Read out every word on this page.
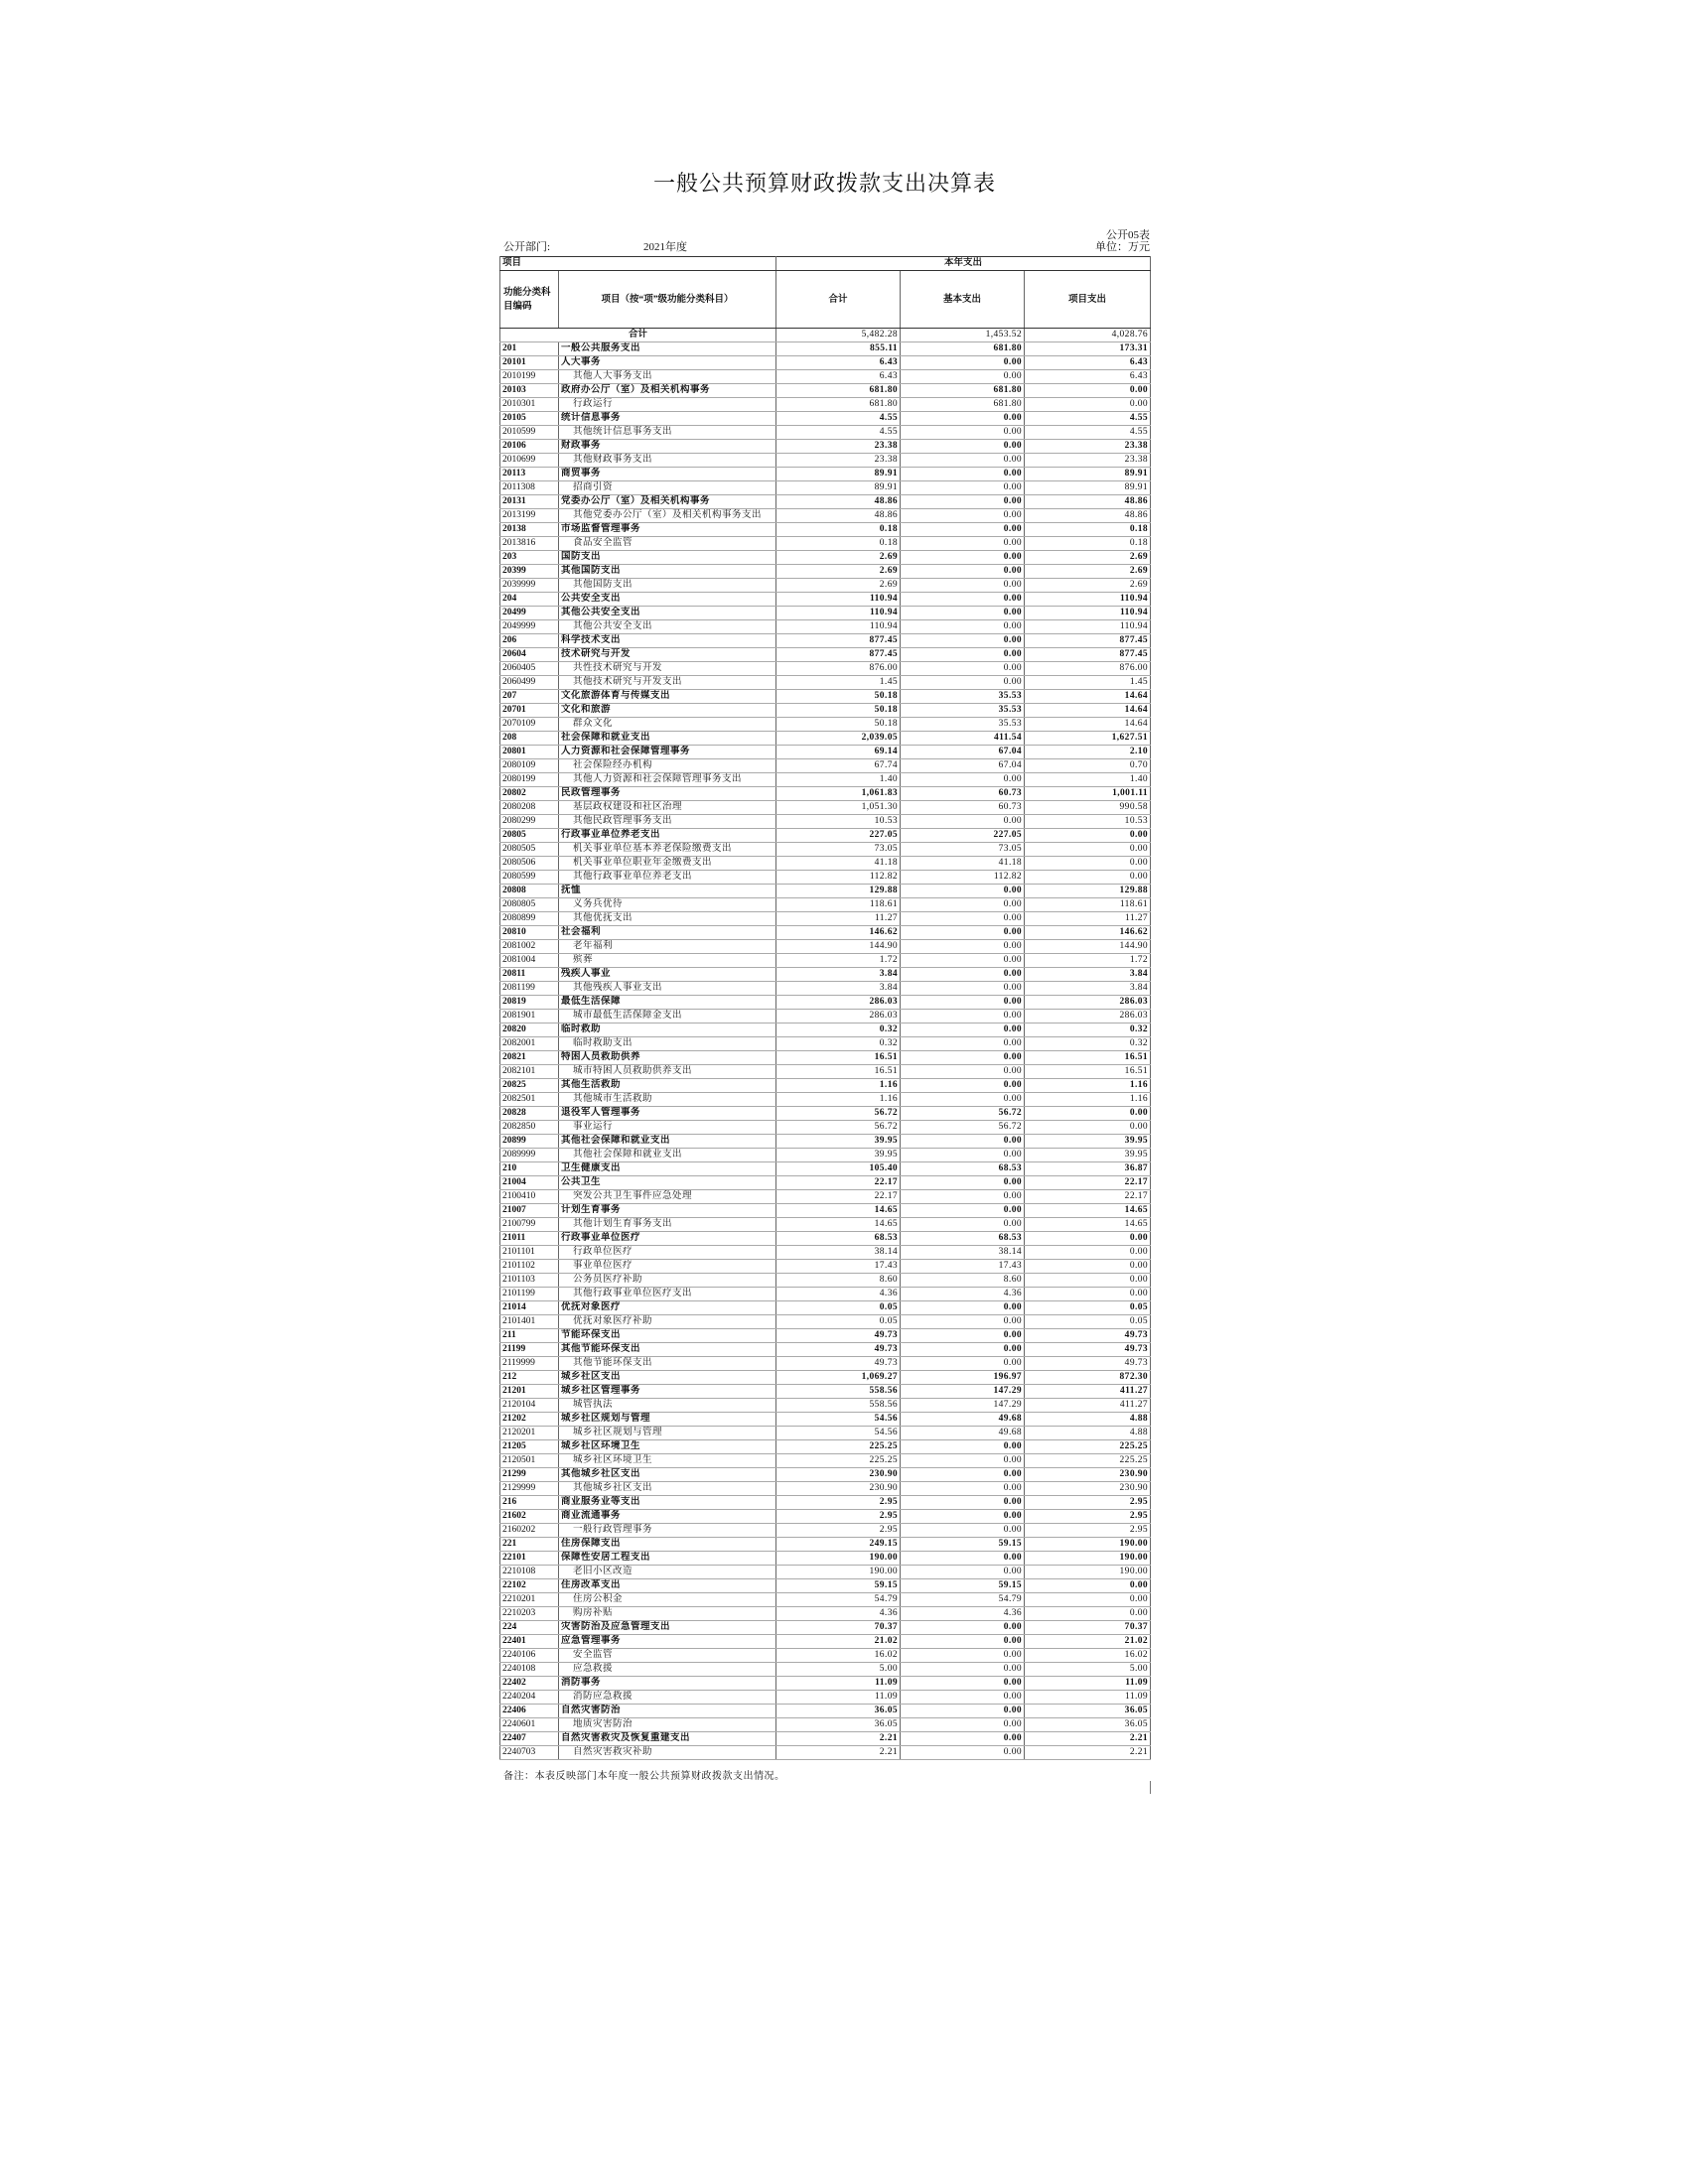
一般公共预算财政拨款支出决算表
公开05表
公开部门:	2021年度	单位：万元
项目		本年支出		
功能分类科目编码	项目（按“项”级功能分类科目）	合计	基本支出	项目支出
合计		5,482.28	1,453.52	4,028.76
201	一般公共服务支出	855.11	681.80	173.31
20101	人大事务	6.43	0.00	6.43
2010199	其他人大事务支出	6.43	0.00	6.43
20103	政府办公厅（室）及相关机构事务	681.80	681.80	0.00
2010301	行政运行	681.80	681.80	0.00
20105	统计信息事务	4.55	0.00	4.55
2010599	其他统计信息事务支出	4.55	0.00	4.55
20106	财政事务	23.38	0.00	23.38
2010699	其他财政事务支出	23.38	0.00	23.38
20113	商贸事务	89.91	0.00	89.91
2011308	招商引资	89.91	0.00	89.91
20131	党委办公厅（室）及相关机构事务	48.86	0.00	48.86
2013199	其他党委办公厅（室）及相关机构事务支出	48.86	0.00	48.86
20138	市场监督管理事务	0.18	0.00	0.18
2013816	食品安全监管	0.18	0.00	0.18
203	国防支出	2.69	0.00	2.69
20399	其他国防支出	2.69	0.00	2.69
2039999	其他国防支出	2.69	0.00	2.69
204	公共安全支出	110.94	0.00	110.94
20499	其他公共安全支出	110.94	0.00	110.94
2049999	其他公共安全支出	110.94	0.00	110.94
206	科学技术支出	877.45	0.00	877.45
20604	技术研究与开发	877.45	0.00	877.45
2060405	共性技术研究与开发	876.00	0.00	876.00
2060499	其他技术研究与开发支出	1.45	0.00	1.45
207	文化旅游体育与传媒支出	50.18	35.53	14.64
20701	文化和旅游	50.18	35.53	14.64
2070109	群众文化	50.18	35.53	14.64
208	社会保障和就业支出	2,039.05	411.54	1,627.51
20801	人力资源和社会保障管理事务	69.14	67.04	2.10
2080109	社会保险经办机构	67.74	67.04	0.70
2080199	其他人力资源和社会保障管理事务支出	1.40	0.00	1.40
20802	民政管理事务	1,061.83	60.73	1,001.11
2080208	基层政权建设和社区治理	1,051.30	60.73	990.58
2080299	其他民政管理事务支出	10.53	0.00	10.53
20805	行政事业单位养老支出	227.05	227.05	0.00
2080505	机关事业单位基本养老保险缴费支出	73.05	73.05	0.00
2080506	机关事业单位职业年金缴费支出	41.18	41.18	0.00
2080599	其他行政事业单位养老支出	112.82	112.82	0.00
20808	抚恤	129.88	0.00	129.88
2080805	义务兵优待	118.61	0.00	118.61
2080899	其他优抚支出	11.27	0.00	11.27
20810	社会福利	146.62	0.00	146.62
2081002	老年福利	144.90	0.00	144.90
2081004	殡葬	1.72	0.00	1.72
20811	残疾人事业	3.84	0.00	3.84
2081199	其他残疾人事业支出	3.84	0.00	3.84
20819	最低生活保障	286.03	0.00	286.03
2081901	城市最低生活保障金支出	286.03	0.00	286.03
20820	临时救助	0.32	0.00	0.32
2082001	临时救助支出	0.32	0.00	0.32
20821	特困人员救助供养	16.51	0.00	16.51
2082101	城市特困人员救助供养支出	16.51	0.00	16.51
20825	其他生活救助	1.16	0.00	1.16
2082501	其他城市生活救助	1.16	0.00	1.16
20828	退役军人管理事务	56.72	56.72	0.00
2082850	事业运行	56.72	56.72	0.00
20899	其他社会保障和就业支出	39.95	0.00	39.95
2089999	其他社会保障和就业支出	39.95	0.00	39.95
210	卫生健康支出	105.40	68.53	36.87
21004	公共卫生	22.17	0.00	22.17
2100410	突发公共卫生事件应急处理	22.17	0.00	22.17
21007	计划生育事务	14.65	0.00	14.65
2100799	其他计划生育事务支出	14.65	0.00	14.65
21011	行政事业单位医疗	68.53	68.53	0.00
2101101	行政单位医疗	38.14	38.14	0.00
2101102	事业单位医疗	17.43	17.43	0.00
2101103	公务员医疗补助	8.60	8.60	0.00
2101199	其他行政事业单位医疗支出	4.36	4.36	0.00
21014	优抚对象医疗	0.05	0.00	0.05
2101401	优抚对象医疗补助	0.05	0.00	0.05
211	节能环保支出	49.73	0.00	49.73
21199	其他节能环保支出	49.73	0.00	49.73
2119999	其他节能环保支出	49.73	0.00	49.73
212	城乡社区支出	1,069.27	196.97	872.30
21201	城乡社区管理事务	558.56	147.29	411.27
2120104	城管执法	558.56	147.29	411.27
21202	城乡社区规划与管理	54.56	49.68	4.88
2120201	城乡社区规划与管理	54.56	49.68	4.88
21205	城乡社区环境卫生	225.25	0.00	225.25
2120501	城乡社区环境卫生	225.25	0.00	225.25
21299	其他城乡社区支出	230.90	0.00	230.90
2129999	其他城乡社区支出	230.90	0.00	230.90
216	商业服务业等支出	2.95	0.00	2.95
21602	商业流通事务	2.95	0.00	2.95
2160202	一般行政管理事务	2.95	0.00	2.95
221	住房保障支出	249.15	59.15	190.00
22101	保障性安居工程支出	190.00	0.00	190.00
2210108	老旧小区改造	190.00	0.00	190.00
22102	住房改革支出	59.15	59.15	0.00
2210201	住房公积金	54.79	54.79	0.00
2210203	购房补贴	4.36	4.36	0.00
224	灾害防治及应急管理支出	70.37	0.00	70.37
22401	应急管理事务	21.02	0.00	21.02
2240106	安全监管	16.02	0.00	16.02
2240108	应急救援	5.00	0.00	5.00
22402	消防事务	11.09	0.00	11.09
2240204	消防应急救援	11.09	0.00	11.09
22406	自然灾害防治	36.05	0.00	36.05
2240601	地质灾害防治	36.05	0.00	36.05
22407	自然灾害救灾及恢复重建支出	2.21	0.00	2.21
2240703	自然灾害救灾补助	2.21	0.00	2.21
备注：本表反映部门本年度一般公共预算财政拨款支出情况。
